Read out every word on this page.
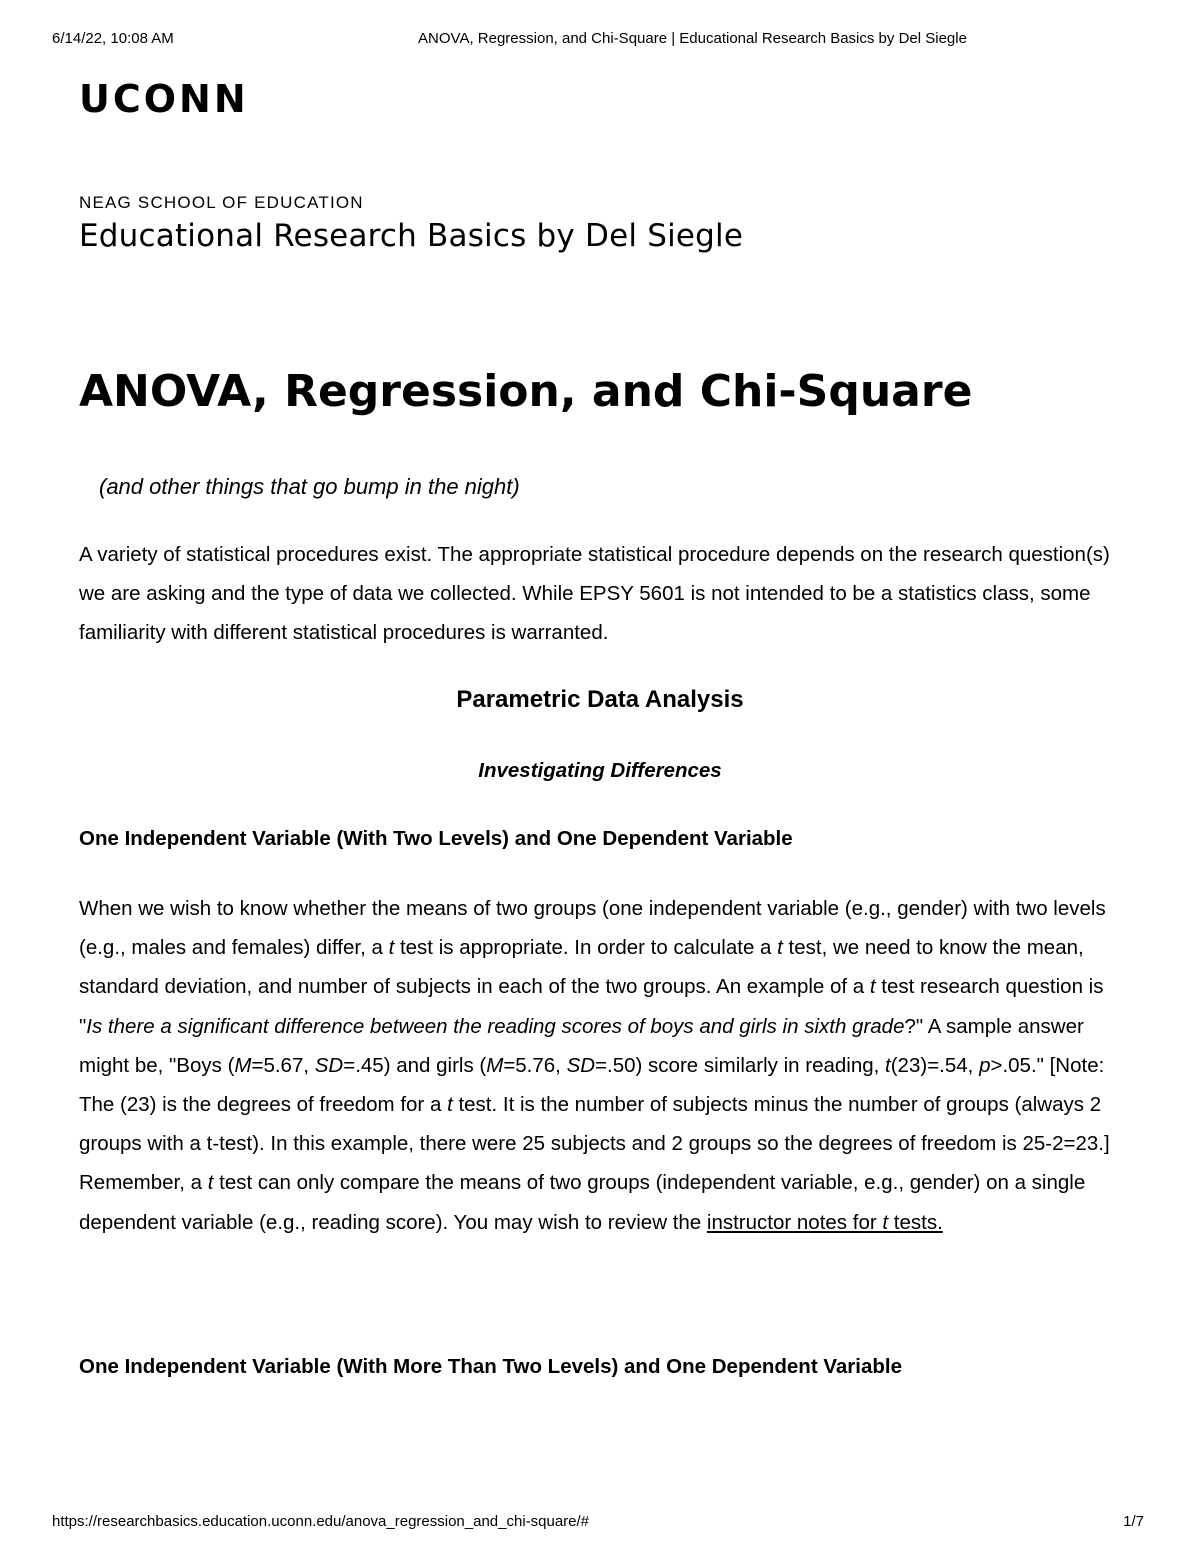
6/14/22, 10:08 AM	ANOVA, Regression, and Chi-Square | Educational Research Basics by Del Siegle
UCONN
NEAG SCHOOL OF EDUCATION
Educational Research Basics by Del Siegle
ANOVA, Regression, and Chi-Square
(and other things that go bump in the night)

A variety of statistical procedures exist. The appropriate statistical procedure depends on the research question(s) we are asking and the type of data we collected. While EPSY 5601 is not intended to be a statistics class, some familiarity with different statistical procedures is warranted.

Parametric Data Analysis
Investigating Differences
One Independent Variable (With Two Levels) and One Dependent Variable

When we wish to know whether the means of two groups (one independent variable (e.g., gender) with two levels (e.g., males and females) differ, a t test is appropriate. In order to calculate a t test, we need to know the mean, standard deviation, and number of subjects in each of the two groups. An example of a t test research question is "Is there a significant difference between the reading scores of boys and girls in sixth grade?" A sample answer might be, "Boys (M=5.67, SD=.45) and girls (M=5.76, SD=.50) score similarly in reading, t(23)=.54, p>.05." [Note: The (23) is the degrees of freedom for a t test. It is the number of subjects minus the number of groups (always 2 groups with a t-test). In this example, there were 25 subjects and 2 groups so the degrees of freedom is 25-2=23.] Remember, a t test can only compare the means of two groups (independent variable, e.g., gender) on a single dependent variable (e.g., reading score). You may wish to review the instructor notes for t tests.

One Independent Variable (With More Than Two Levels) and One Dependent Variable
https://researchbasics.education.uconn.edu/anova_regression_and_chi-square/#	1/7
